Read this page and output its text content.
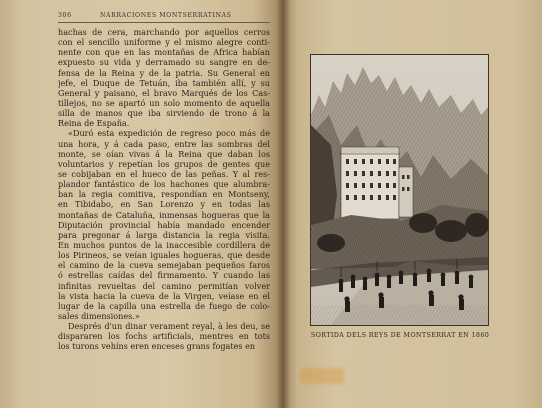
306	NARRACIONES MONTSERRATINAS
hachas de cera, marchando por aquellos cerros
con el sencillo uniforme y el mismo alegre conti-
nente con que en las montañas de Africa habían
expuesto su vida y derramado su sangre en de-
fensa de la Reina y de la patria. Su General en
jefe, el Duque de Tetuán, iba también allí, y su
General y paisano, el bravo Marqués de los Cas-
tillejos, no se apartó un solo momento de aquella
silla de manos que iba sirviendo de trono á la
Reina de España.
«Duró esta expedición de regreso poco más de
una hora, y á cada paso, entre las sombras del
monte, se oían vivas á la Reina que daban los
voluntarios y repetían los grupos de gentes que
se cobijaban en el hueco de las peñas. Y al res-
plandor fantástico de los hachones que alumbra-
ban la regia comitiva, respondían en Montseny,
en Tibidabo, en San Lorenzo y en todas las
montañas de Cataluña, inmensas hogueras que la
Diputación provincial había mandado encender
para pregonar á larga distancia la regia visita.
En muchos puntos de la inaccesible cordillera de
los Pirineos, se veían iguales hogueras, que desde
el camino de la cueva semejaban pequeños faros
ó estrellas caídas del firmamento. Y cuando las
infinitas revueltas del camino permitían volver
la vista hacia la cueva de la Virgen, veíase en el
lugar de la capilla una estrella de fuego de colo-
sales dimensiones.»
Després d'un dinar verament reyal, à les deu, se
dispararen los fochs artificials, mentres en tots
los turons vehíns eren enceses grans fogates en
SORTIDA DELS REYS DE MONTSERRAT EN 1860
